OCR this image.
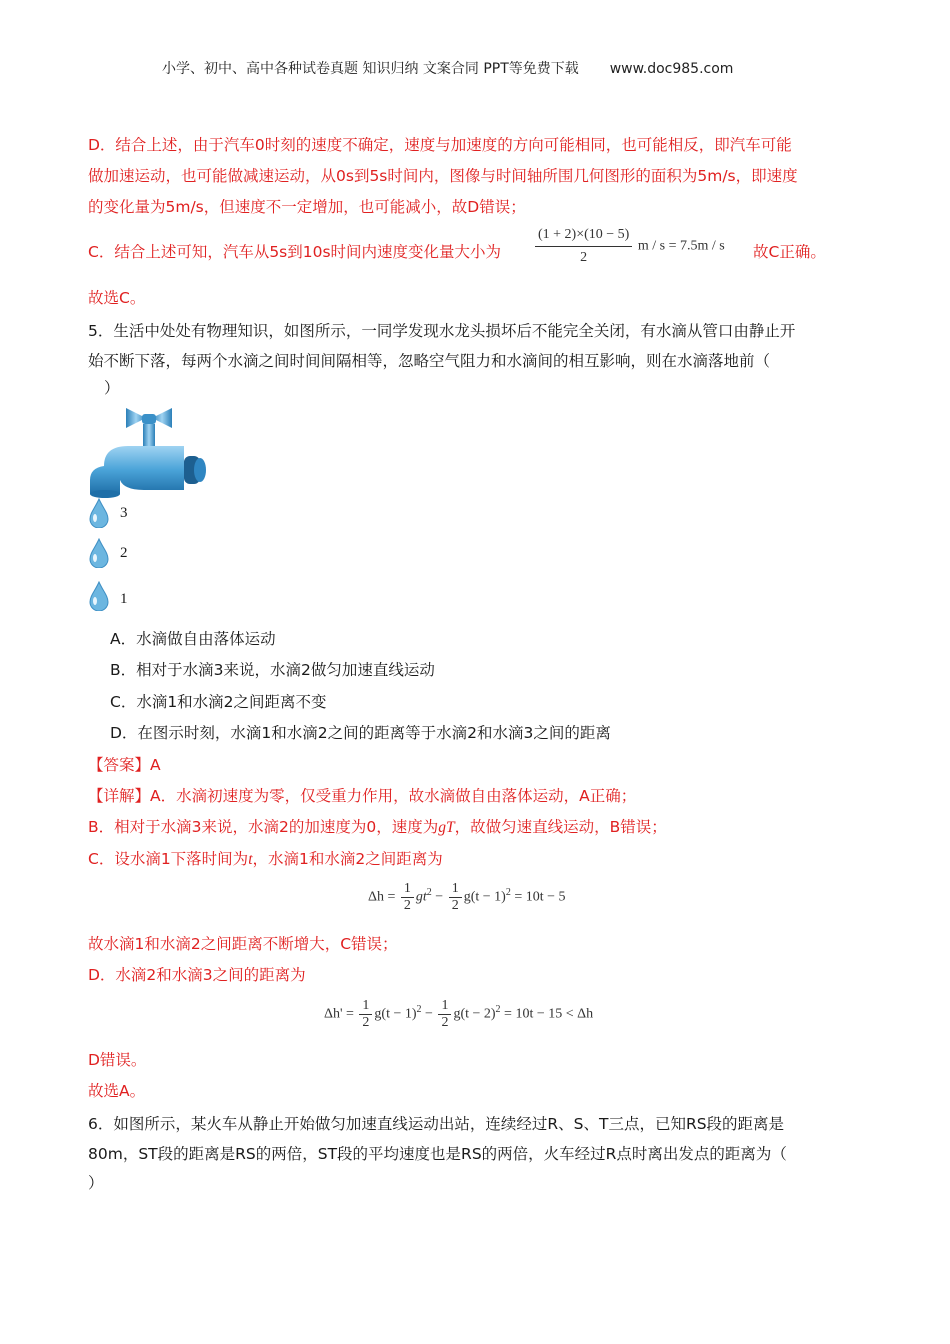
小学、初中、高中各种试卷真题 知识归纳 文案合同 PPT等免费下载 www.doc985.com
D．结合上述，由于汽车0时刻的速度不确定，速度与加速度的方向可能相同，也可能相反，即汽车可能
做加速运动，也可能做减速运动，从0s到5s时间内，图像与时间轴所围几何图形的面积为5m/s，即速度
的变化量为5m/s，但速度不一定增加，也可能减小，故D错误；
C．结合上述可知，汽车从5s到10s时间内速度变化量大小为 $\frac{(1 + 2)\times(10 - 5)}{2}$ m / s = 7.5m / s 故C正确。
故选C。
5．生活中处处有物理知识，如图所示，一同学发现水龙头损坏后不能完全关闭，有水滴从管口由静止开
始不断下落，每两个水滴之间时间间隔相等，忽略空气阻力和水滴间的相互影响，则在水滴落地前（
）
3
2
1
A．水滴做自由落体运动
B．相对于水滴3来说，水滴2做匀加速直线运动
C．水滴1和水滴2之间距离不变
D．在图示时刻，水滴1和水滴2之间的距离等于水滴2和水滴3之间的距离
【答案】A
【详解】A．水滴初速度为零，仅受重力作用，故水滴做自由落体运动，A正确；
B．相对于水滴3来说，水滴2的加速度为0，速度为gT，故做匀速直线运动，B错误；
C．设水滴1下落时间为t，水滴1和水滴2之间距离为
$\Delta h = \frac{1}{2} gt^2 - \frac{1}{2} g(t - 1)^2 = 10t - 5$
故水滴1和水滴2之间距离不断增大，C错误；
D．水滴2和水滴3之间的距离为
$\Delta h' = \frac{1}{2} g(t - 1)^2 - \frac{1}{2} g(t - 2)^2 = 10t - 15 < \Delta h$
D错误。
故选A。
6．如图所示，某火车从静止开始做匀加速直线运动出站，连续经过R、S、T三点，已知RS段的距离是
80m，ST段的距离是RS的两倍，ST段的平均速度也是RS的两倍，火车经过R点时离出发点的距离为（
）
